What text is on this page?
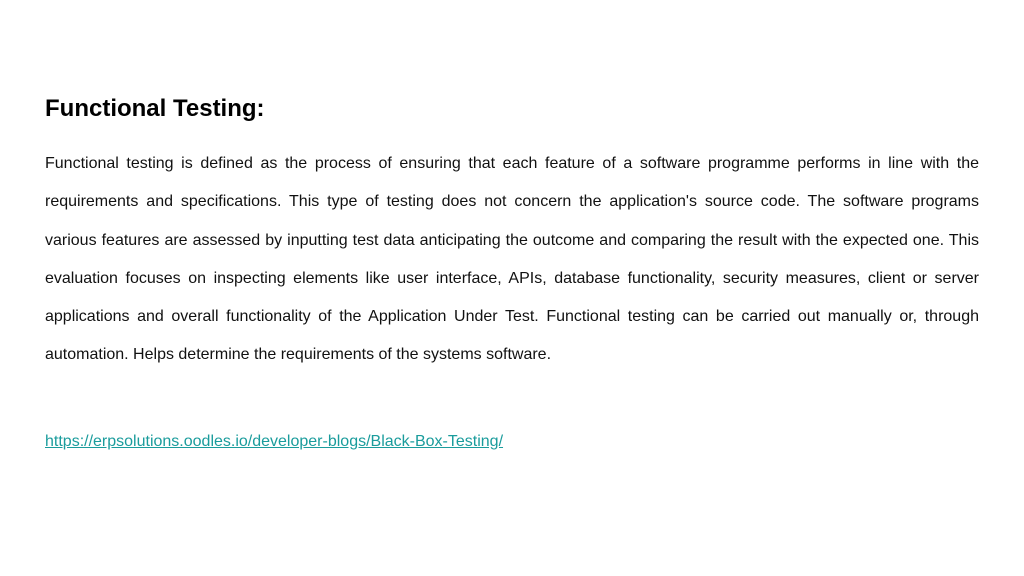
Functional Testing:

Functional testing is defined as the process of ensuring that each feature of a software programme performs in line with the requirements and specifications. This type of testing does not concern the application's source code. The software programs various features are assessed by inputting test data anticipating the outcome and comparing the result with the expected one. This evaluation focuses on inspecting elements like user interface, APIs, database functionality, security measures, client or server applications and overall functionality of the Application Under Test. Functional testing can be carried out manually or, through automation. Helps determine the requirements of the systems software.

https://erpsolutions.oodles.io/developer-blogs/Black-Box-Testing/
